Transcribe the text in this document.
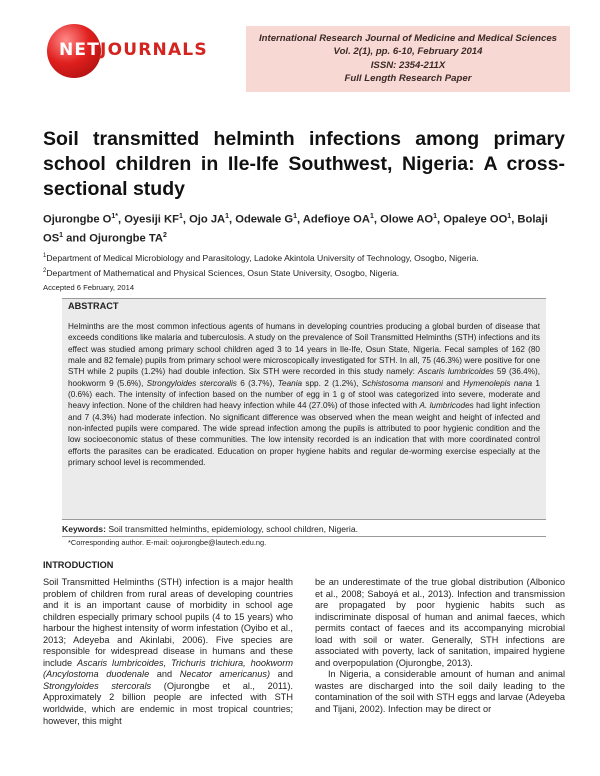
NETJOURNALS
International Research Journal of Medicine and Medical Sciences
Vol. 2(1), pp. 6-10, February 2014
ISSN: 2354-211X
Full Length Research Paper
Soil transmitted helminth infections among primary school children in Ile-Ife Southwest, Nigeria: A cross-sectional study
Ojurongbe $O^{1*}$, Oyesiji $KF^1$, Ojo $JA^1$, Odewale $G^1$, Adefioye $OA^1$, Olowe $AO^1$, Opaleye $OO^1$, Bolaji $OS^1$ and Ojurongbe $TA^2$
$^1$Department of Medical Microbiology and Parasitology, Ladoke Akintola University of Technology, Osogbo, Nigeria.
$^2$Department of Mathematical and Physical Sciences, Osun State University, Osogbo, Nigeria.
Accepted 6 February, 2014
ABSTRACT
Helminths are the most common infectious agents of humans in developing countries producing a global burden of disease that exceeds conditions like malaria and tuberculosis. A study on the prevalence of Soil Transmitted Helminths (STH) infections and its effect was studied among primary school children aged 3 to 14 years in Ile-Ife, Osun State, Nigeria. Fecal samples of 162 (80 male and 82 female) pupils from primary school were microscopically investigated for STH. In all, 75 (46.3%) were positive for one STH while 2 pupils (1.2%) had double infection. Six STH were recorded in this study namely: Ascaris lumbricoides 59 (36.4%), hookworm 9 (5.6%), Strongyloides stercoralis 6 (3.7%), Teania spp. 2 (1.2%), Schistosoma mansoni and Hymenolepis nana 1 (0.6%) each. The intensity of infection based on the number of egg in 1 g of stool was categorized into severe, moderate and heavy infection. None of the children had heavy infection while 44 (27.0%) of those infected with A. lumbricodes had light infection and 7 (4.3%) had moderate infection. No significant difference was observed when the mean weight and height of infected and non-infected pupils were compared. The wide spread infection among the pupils is attributed to poor hygienic condition and the low socioeconomic status of these communities. The low intensity recorded is an indication that with more coordinated control efforts the parasites can be eradicated. Education on proper hygiene habits and regular de-worming exercise especially at the primary school level is recommended.
Keywords: Soil transmitted helminths, epidemiology, school children, Nigeria.
*Corresponding author. E-mail: oojurongbe@lautech.edu.ng.
INTRODUCTION

Soil Transmitted Helminths (STH) infection is a major health problem of children from rural areas of developing countries and it is an important cause of morbidity in school age children especially primary school pupils (4 to 15 years) who harbour the highest intensity of worm infestation (Oyibo et al., 2013; Adeyeba and Akinlabi, 2006). Five species are responsible for widespread disease in humans and these include Ascaris lumbricoides, Trichuris trichiura, hookworm (Ancylostoma duodenale and Necator americanus) and Strongyloides stercorals (Ojurongbe et al., 2011). Approximately 2 billion people are infected with STH worldwide, which are endemic in most tropical countries; however, this might

be an underestimate of the true global distribution (Albonico et al., 2008; Saboyá et al., 2013). Infection and transmission are propagated by poor hygienic habits such as indiscriminate disposal of human and animal faeces, which permits contact of faeces and its accompanying microbial load with soil or water. Generally, STH infections are associated with poverty, lack of sanitation, impaired hygiene and overpopulation (Ojurongbe, 2013).

In Nigeria, a considerable amount of human and animal wastes are discharged into the soil daily leading to the contamination of the soil with STH eggs and larvae (Adeyeba and Tijani, 2002). Infection may be direct or
